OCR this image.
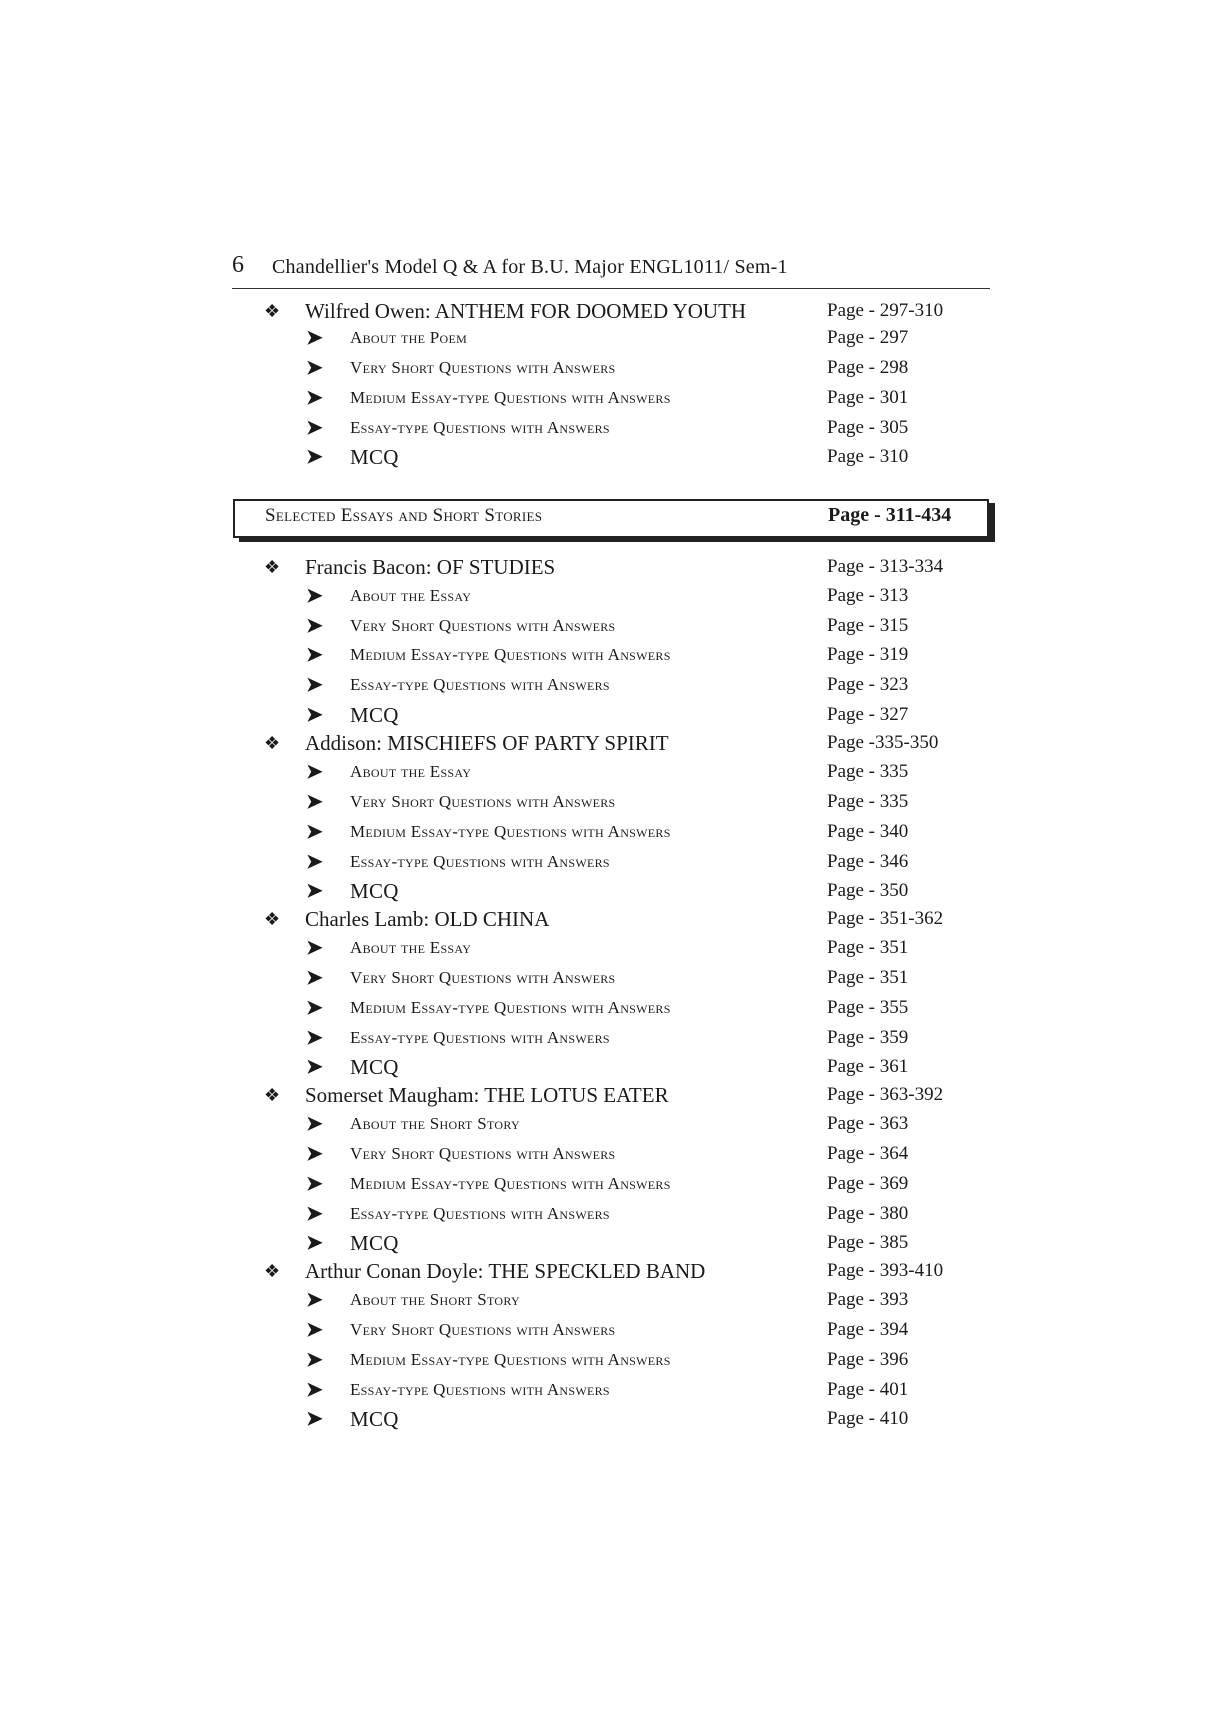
6 Chandellier's Model Q & A for B.U. Major ENGL1011/ Sem-1
❖	Wilfred Owen: ANTHEM FOR DOOMED YOUTH	Page - 297-310
➤	About the Poem	Page - 297
➤	Very Short Questions with Answers	Page - 298
➤	Medium Essay-type Questions with Answers	Page - 301
➤	Essay-type Questions with Answers	Page - 305
➤	MCQ	Page - 310
Selected Essays and Short Stories	Page - 311-434
❖	Francis Bacon: OF STUDIES	Page - 313-334
➤	About the Essay	Page - 313
➤	Very Short Questions with Answers	Page - 315
➤	Medium Essay-type Questions with Answers	Page - 319
➤	Essay-type Questions with Answers	Page - 323
➤	MCQ	Page - 327
❖	Addison: MISCHIEFS OF PARTY SPIRIT	Page -335-350
➤	About the Essay	Page - 335
➤	Very Short Questions with Answers	Page - 335
➤	Medium Essay-type Questions with Answers	Page - 340
➤	Essay-type Questions with Answers	Page - 346
➤	MCQ	Page - 350
❖	Charles Lamb: OLD CHINA	Page - 351-362
➤	About the Essay	Page - 351
➤	Very Short Questions with Answers	Page - 351
➤	Medium Essay-type Questions with Answers	Page - 355
➤	Essay-type Questions with Answers	Page - 359
➤	MCQ	Page - 361
❖	Somerset Maugham: THE LOTUS EATER	Page - 363-392
➤	About the Short Story	Page - 363
➤	Very Short Questions with Answers	Page - 364
➤	Medium Essay-type Questions with Answers	Page - 369
➤	Essay-type Questions with Answers	Page - 380
➤	MCQ	Page - 385
❖	Arthur Conan Doyle: THE SPECKLED BAND	Page - 393-410
➤	About the Short Story	Page - 393
➤	Very Short Questions with Answers	Page - 394
➤	Medium Essay-type Questions with Answers	Page - 396
➤	Essay-type Questions with Answers	Page - 401
➤	MCQ	Page - 410
